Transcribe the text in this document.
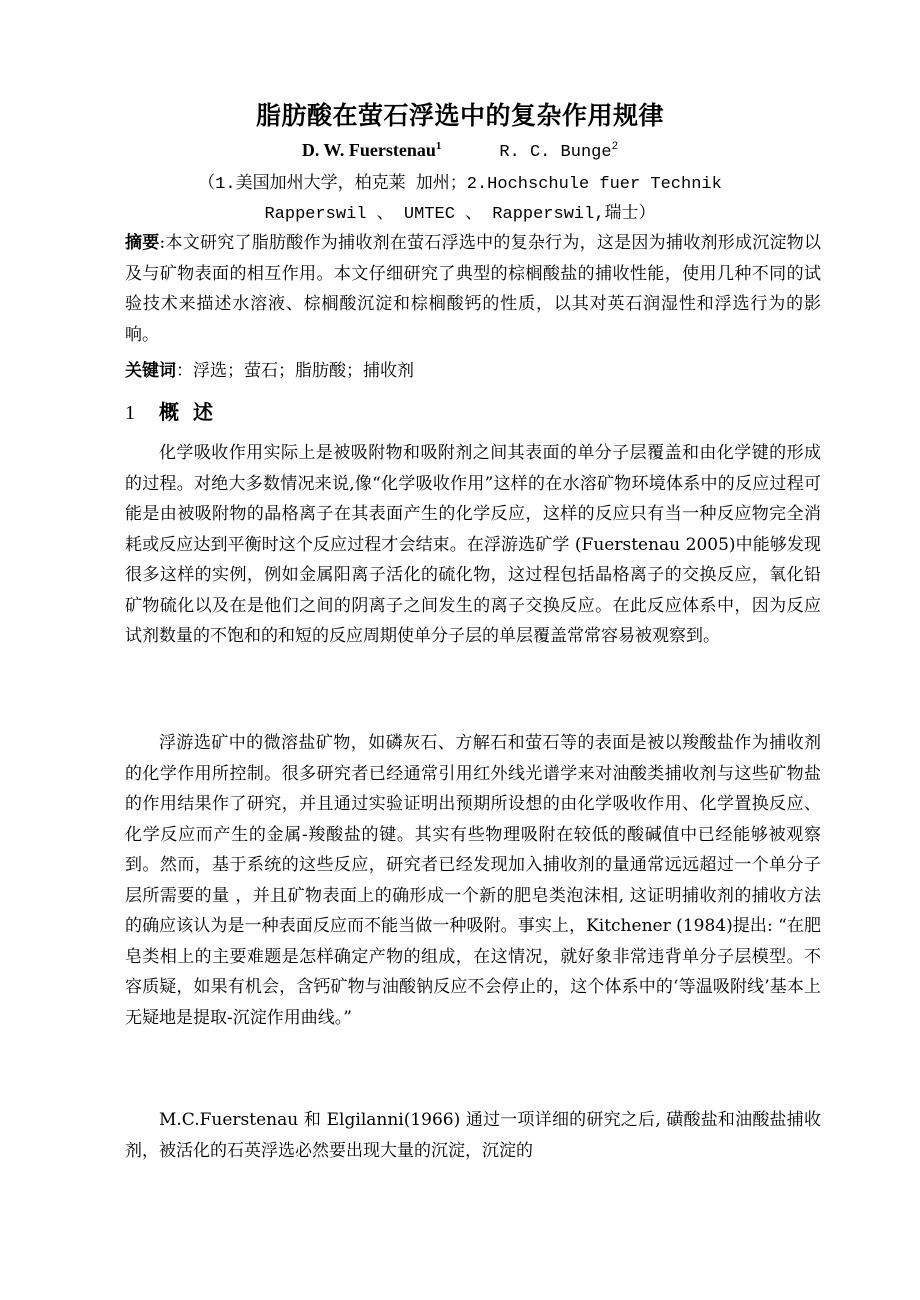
脂肪酸在萤石浮选中的复杂作用规律
D. W. Fuerstenau$^1$	R. C. Bunge$^2$
（1.美国加州大学，柏克莱 加州；2.Hochschule fuer Technik
Rapperswil 、 UMTEC 、 Rapperswil,瑞士）
摘要:本文研究了脂肪酸作为捕收剂在萤石浮选中的复杂行为，这是因为捕收剂形成沉淀物以及与矿物表面的相互作用。本文仔细研究了典型的棕榈酸盐的捕收性能，使用几种不同的试验技术来描述水溶液、棕榈酸沉淀和棕榈酸钙的性质，以其对英石润湿性和浮选行为的影响。
关键词：浮选；萤石；脂肪酸；捕收剂
1 概述
化学吸收作用实际上是被吸附物和吸附剂之间其表面的单分子层覆盖和由化学键的形成的过程。对绝大多数情况来说,像“化学吸收作用”这样的在水溶矿物环境体系中的反应过程可能是由被吸附物的晶格离子在其表面产生的化学反应，这样的反应只有当一种反应物完全消耗或反应达到平衡时这个反应过程才会结束。在浮游选矿学 (Fuerstenau 2005)中能够发现很多这样的实例，例如金属阳离子活化的硫化物，这过程包括晶格离子的交换反应，氧化铅矿物硫化以及在是他们之间的阴离子之间发生的离子交换反应。在此反应体系中，因为反应试剂数量的不饱和的和短的反应周期使单分子层的单层覆盖常常容易被观察到。
浮游选矿中的微溶盐矿物，如磷灰石、方解石和萤石等的表面是被以羧酸盐作为捕收剂的化学作用所控制。很多研究者已经通常引用红外线光谱学来对油酸类捕收剂与这些矿物盐的作用结果作了研究，并且通过实验证明出预期所设想的由化学吸收作用、化学置换反应、化学反应而产生的金属-羧酸盐的键。其实有些物理吸附在较低的酸碱值中已经能够被观察到。然而，基于系统的这些反应，研究者已经发现加入捕收剂的量通常远远超过一个单分子层所需要的量 ，并且矿物表面上的确形成一个新的肥皂类泡沫相, 这证明捕收剂的捕收方法的确应该认为是一种表面反应而不能当做一种吸附。事实上，Kitchener (1984)提出: “在肥皂类相上的主要难题是怎样确定产物的组成，在这情况，就好象非常违背单分子层模型。不容质疑，如果有机会，含钙矿物与油酸钠反应不会停止的，这个体系中的‘等温吸附线’基本上无疑地是提取-沉淀作用曲线。”
M.C.Fuerstenau 和 Elgilanni(1966) 通过一项详细的研究之后, 磺酸盐和油酸盐捕收剂，被活化的石英浮选必然要出现大量的沉淀，沉淀的
